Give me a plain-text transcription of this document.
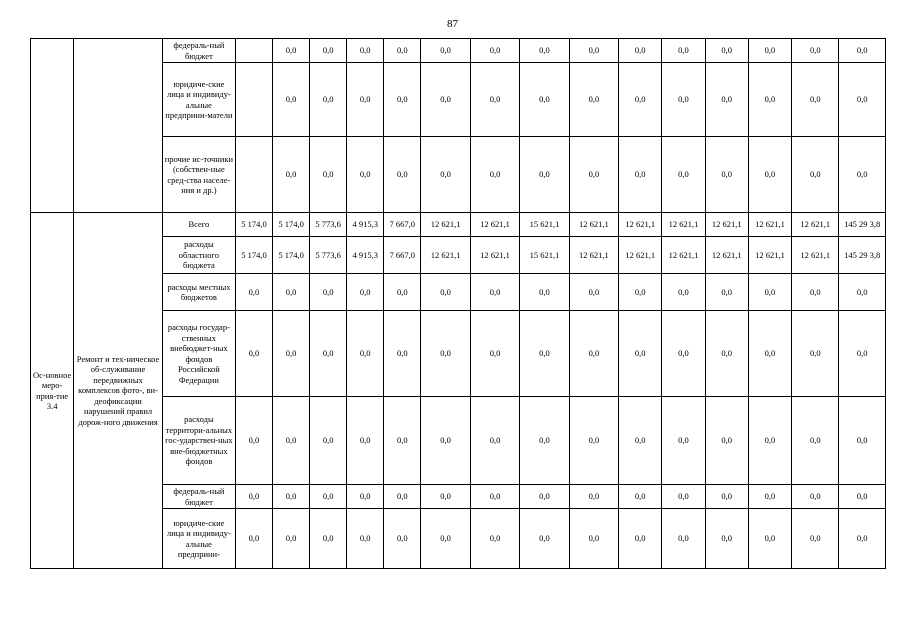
87
		федераль-ный бюджет		0,0	0,0	0,0	0,0	0,0	0,0	0,0	0,0	0,0	0,0	0,0	0,0	0,0	0,0
		юридиче-ские лица и индивиду-альные предприни-матели		0,0	0,0	0,0	0,0	0,0	0,0	0,0	0,0	0,0	0,0	0,0	0,0	0,0	0,0
		прочие ис-точники (собствен-ные сред-ства населе-ния и др.)		0,0	0,0	0,0	0,0	0,0	0,0	0,0	0,0	0,0	0,0	0,0	0,0	0,0	0,0
Ос-новное меро-прия-тие 3.4	Ремонт и тех-ническое об-служивание передвижных комплексов фото-, ви-деофиксации нарушений правил дорож-ного движения	Всего	5 174,0	5 174,0	5 773,6	4 915,3	7 667,0	12 621,1	12 621,1	15 621,1	12 621,1	12 621,1	12 621,1	12 621,1	12 621,1	12 621,1	145 29 3,8
		расходы областного бюджета	5 174,0	5 174,0	5 773,6	4 915,3	7 667,0	12 621,1	12 621,1	15 621,1	12 621,1	12 621,1	12 621,1	12 621,1	12 621,1	12 621,1	145 29 3,8
		расходы местных бюджетов	0,0	0,0	0,0	0,0	0,0	0,0	0,0	0,0	0,0	0,0	0,0	0,0	0,0	0,0	0,0
		расходы государ-ственных внебюджет-ных фондов Российской Федерации	0,0	0,0	0,0	0,0	0,0	0,0	0,0	0,0	0,0	0,0	0,0	0,0	0,0	0,0	0,0
		расходы территори-альных гос-ударствен-ных вне-бюджетных фондов	0,0	0,0	0,0	0,0	0,0	0,0	0,0	0,0	0,0	0,0	0,0	0,0	0,0	0,0	0,0
		федераль-ный бюджет	0,0	0,0	0,0	0,0	0,0	0,0	0,0	0,0	0,0	0,0	0,0	0,0	0,0	0,0	0,0
		юридиче-ские лица и индивиду-альные предприни-	0,0	0,0	0,0	0,0	0,0	0,0	0,0	0,0	0,0	0,0	0,0	0,0	0,0	0,0	0,0
